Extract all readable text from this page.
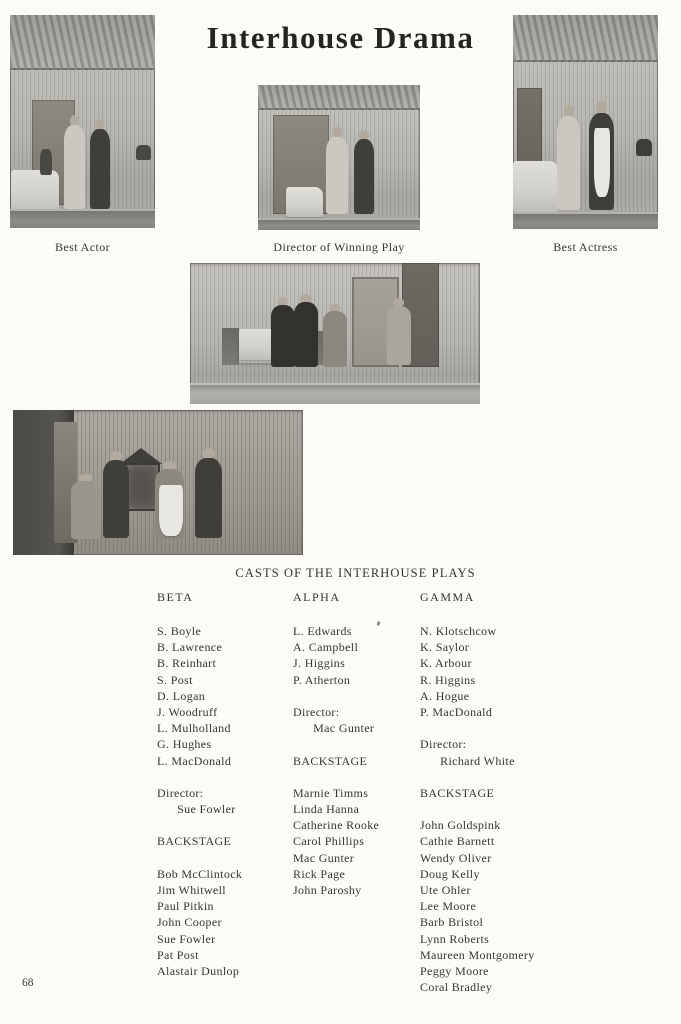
Interhouse Drama
Best Actor	Director of Winning Play	Best Actress
CASTS OF THE INTERHOUSE PLAYS
BETA
S. Boyle
B. Lawrence
B. Reinhart
S. Post
D. Logan
J. Woodruff
L. Mulholland
G. Hughes
L. MacDonald
Director:
Sue Fowler
BACKSTAGE
Bob McClintock
Jim Whitwell
Paul Pitkin
John Cooper
Sue Fowler
Pat Post
Alastair Dunlop
ALPHA
L. Edwards
A. Campbell
J. Higgins
P. Atherton
Director:
Mac Gunter
BACKSTAGE
Marnie Timms
Linda Hanna
Catherine Rooke
Carol Phillips
Mac Gunter
Rick Page
John Paroshy
GAMMA
N. Klotschcow
K. Saylor
K. Arbour
R. Higgins
A. Hogue
P. MacDonald
Director:
Richard White
BACKSTAGE
John Goldspink
Cathie Barnett
Wendy Oliver
Doug Kelly
Ute Ohler
Lee Moore
Barb Bristol
Lynn Roberts
Maureen Montgomery
Peggy Moore
Coral Bradley
68
